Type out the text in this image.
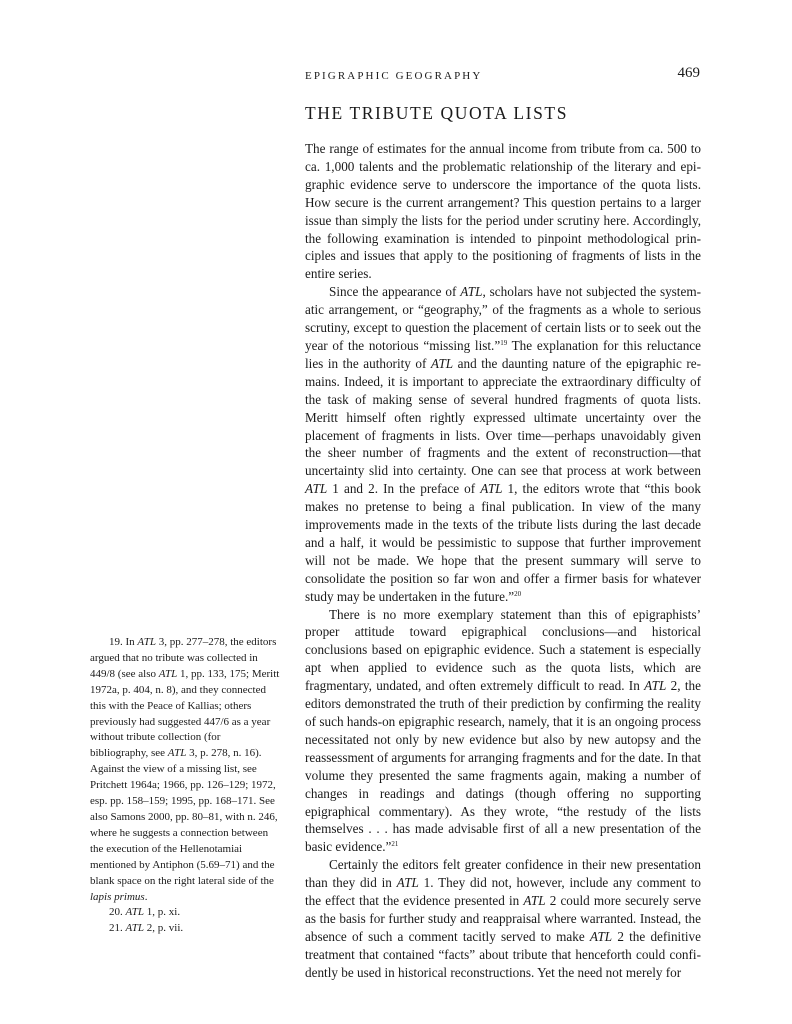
EPIGRAPHIC GEOGRAPHY	469
THE TRIBUTE QUOTA LISTS

The range of estimates for the annual income from tribute from ca. 500 to ca. 1,000 talents and the problematic relationship of the literary and epigraphic evidence serve to underscore the importance of the quota lists. How secure is the current arrangement? This question pertains to a larger issue than simply the lists for the period under scrutiny here. Accordingly, the following examination is intended to pinpoint methodological principles and issues that apply to the positioning of fragments of lists in the entire series.

Since the appearance of ATL, scholars have not subjected the systematic arrangement, or “geography,” of the fragments as a whole to serious scrutiny, except to question the placement of certain lists or to seek out the year of the notorious “missing list.”$^{19}$ The explanation for this reluctance lies in the authority of ATL and the daunting nature of the epigraphic remains. Indeed, it is important to appreciate the extraordinary difficulty of the task of making sense of several hundred fragments of quota lists. Meritt himself often rightly expressed ultimate uncertainty over the placement of fragments in lists. Over time—perhaps unavoidably given the sheer number of fragments and the extent of reconstruction—that uncertainty slid into certainty. One can see that process at work between ATL 1 and 2. In the preface of ATL 1, the editors wrote that “this book makes no pretense to being a final publication. In view of the many improvements made in the texts of the tribute lists during the last decade and a half, it would be pessimistic to suppose that further improvement will not be made. We hope that the present summary will serve to consolidate the position so far won and offer a firmer basis for whatever study may be undertaken in the future.”$^{20}$

There is no more exemplary statement than this of epigraphists’ proper attitude toward epigraphical conclusions—and historical conclusions based on epigraphic evidence. Such a statement is especially apt when applied to evidence such as the quota lists, which are fragmentary, undated, and often extremely difficult to read. In ATL 2, the editors demonstrated the truth of their prediction by confirming the reality of such hands-on epigraphic research, namely, that it is an ongoing process necessitated not only by new evidence but also by new autopsy and the reassessment of arguments for arranging fragments and for the date. In that volume they presented the same fragments again, making a number of changes in readings and datings (though offering no supporting epigraphical commentary). As they wrote, “the restudy of the lists themselves . . . has made advisable first of all a new presentation of the basic evidence.”$^{21}$

Certainly the editors felt greater confidence in their new presentation than they did in ATL 1. They did not, however, include any comment to the effect that the evidence presented in ATL 2 could more securely serve as the basis for further study and reappraisal where warranted. Instead, the absence of such a comment tacitly served to make ATL 2 the definitive treatment that contained “facts” about tribute that henceforth could confidently be used in historical reconstructions. Yet the need not merely for

19. In ATL 3, pp. 277–278, the editors argued that no tribute was collected in 449/8 (see also ATL 1, pp. 133, 175; Meritt 1972a, p. 404, n. 8), and they connected this with the Peace of Kallias; others previously had suggested 447/6 as a year without tribute collection (for bibliography, see ATL 3, p. 278, n. 16). Against the view of a missing list, see Pritchett 1964a; 1966, pp. 126–129; 1972, esp. pp. 158–159; 1995, pp. 168–171. See also Samons 2000, pp. 80–81, with n. 246, where he suggests a connection between the execution of the Hellenotamiai mentioned by Antiphon (5.69–71) and the blank space on the right lateral side of the lapis primus.

20. ATL 1, p. xi.

21. ATL 2, p. vii.
